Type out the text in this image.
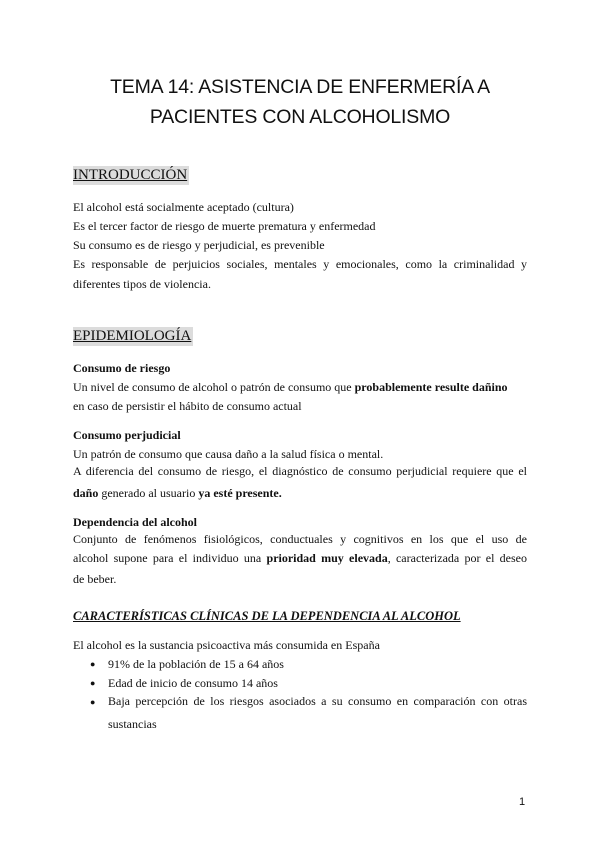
TEMA 14: ASISTENCIA DE ENFERMERÍA A
PACIENTES CON ALCOHOLISMO
INTRODUCCIÓN
El alcohol está socialmente aceptado (cultura)
Es el tercer factor de riesgo de muerte prematura y enfermedad
Su consumo es de riesgo y perjudicial, es prevenible
Es responsable de perjuicios sociales, mentales y emocionales, como la criminalidad y diferentes tipos de violencia.
EPIDEMIOLOGÍA
Consumo de riesgo
Un nivel de consumo de alcohol o patrón de consumo que probablemente resulte dañino
en caso de persistir el hábito de consumo actual
Consumo perjudicial
Un patrón de consumo que causa daño a la salud física o mental.
A diferencia del consumo de riesgo, el diagnóstico de consumo perjudicial requiere que el
daño generado al usuario ya esté presente.
Dependencia del alcohol
Conjunto de fenómenos fisiológicos, conductuales y cognitivos en los que el uso de
alcohol supone para el individuo una prioridad muy elevada, caracterizada por el deseo
de beber.
CARACTERÍSTICAS CLÍNICAS DE LA DEPENDENCIA AL ALCOHOL
El alcohol es la sustancia psicoactiva más consumida en España
● 91% de la población de 15 a 64 años
● Edad de inicio de consumo 14 años
● Baja percepción de los riesgos asociados a su consumo en comparación con otras
sustancias
1
